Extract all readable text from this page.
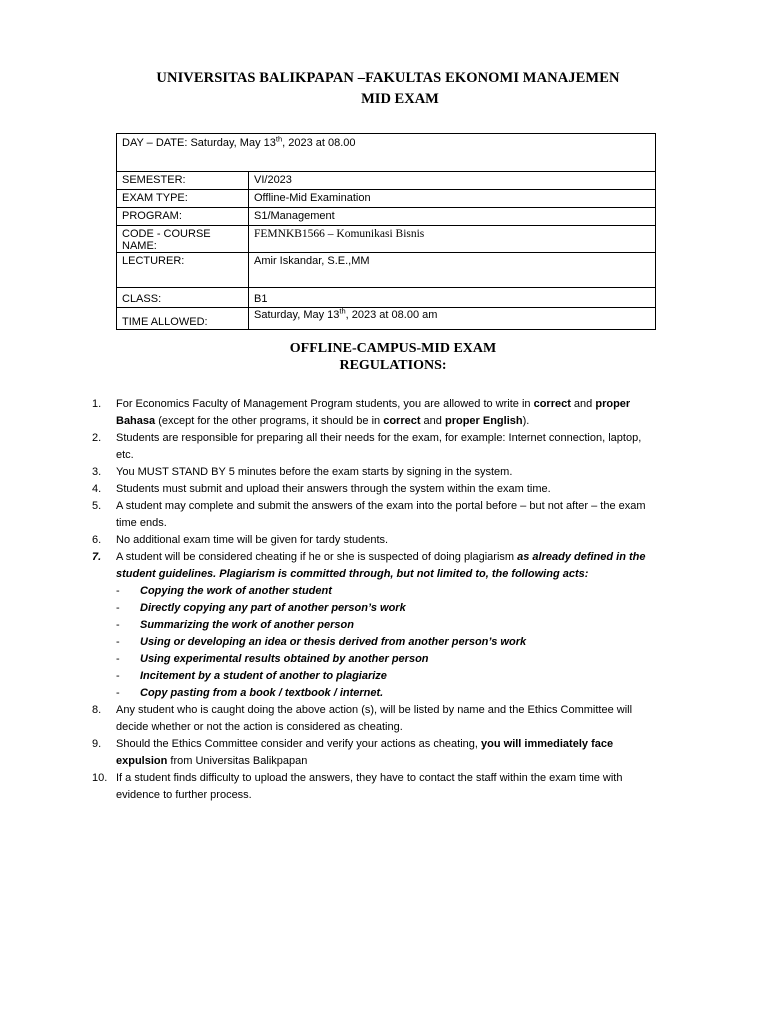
UNIVERSITAS BALIKPAPAN –FAKULTAS EKONOMI MANAJEMEN
MID EXAM
DAY – DATE: Saturday, May 13th, 2023 at 08.00	
SEMESTER:	VI/2023
EXAM TYPE:	Offline-Mid Examination
PROGRAM:	S1/Management
CODE - COURSE NAME:	FEMNKB1566 – Komunikasi Bisnis
LECTURER:	Amir Iskandar, S.E.,MM
CLASS:	B1
TIME ALLOWED:	Saturday, May 13th, 2023 at 08.00 am
OFFLINE-CAMPUS-MID EXAM
REGULATIONS:
1. For Economics Faculty of Management Program students, you are allowed to write in correct and proper Bahasa (except for the other programs, it should be in correct and proper English).
2. Students are responsible for preparing all their needs for the exam, for example: Internet connection, laptop, etc.
3. You MUST STAND BY 5 minutes before the exam starts by signing in the system.
4. Students must submit and upload their answers through the system within the exam time.
5. A student may complete and submit the answers of the exam into the portal before – but not after – the exam time ends.
6. No additional exam time will be given for tardy students.
7. A student will be considered cheating if he or she is suspected of doing plagiarism as already defined in the student guidelines. Plagiarism is committed through, but not limited to, the following acts:
- Copying the work of another student
- Directly copying any part of another person’s work
- Summarizing the work of another person
- Using or developing an idea or thesis derived from another person’s work
- Using experimental results obtained by another person
- Incitement by a student of another to plagiarize
- Copy pasting from a book / textbook / internet.
8. Any student who is caught doing the above action (s), will be listed by name and the Ethics Committee will decide whether or not the action is considered as cheating.
9. Should the Ethics Committee consider and verify your actions as cheating, you will immediately face expulsion from Universitas Balikpapan
10. If a student finds difficulty to upload the answers, they have to contact the staff within the exam time with evidence to further process.
